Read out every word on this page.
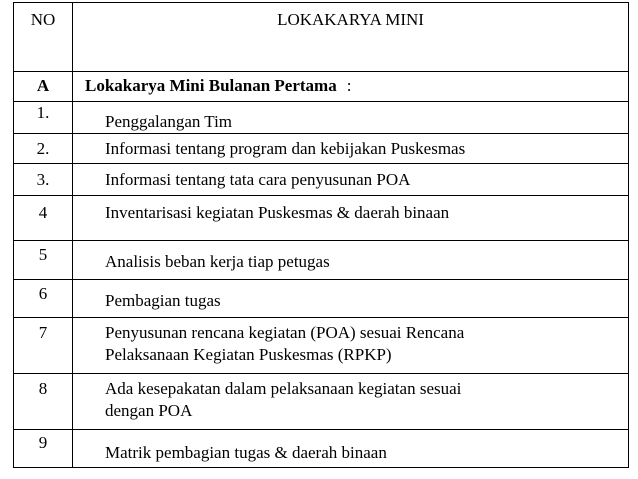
NO	LOKAKARYA MINI
A	Lokakarya Mini Bulanan Pertama :
1.	Penggalangan Tim
2.	Informasi tentang program dan kebijakan Puskesmas
3.	Informasi tentang tata cara penyusunan POA
4	Inventarisasi kegiatan Puskesmas & daerah binaan
5	Analisis beban kerja tiap petugas
6	Pembagian tugas
7	Penyusunan rencana kegiatan (POA) sesuai Rencana
Pelaksanaan Kegiatan Puskesmas (RPKP)

8	Ada kesepakatan dalam pelaksanaan kegiatan sesuai
dengan POA

9	Matrik pembagian tugas & daerah binaan
